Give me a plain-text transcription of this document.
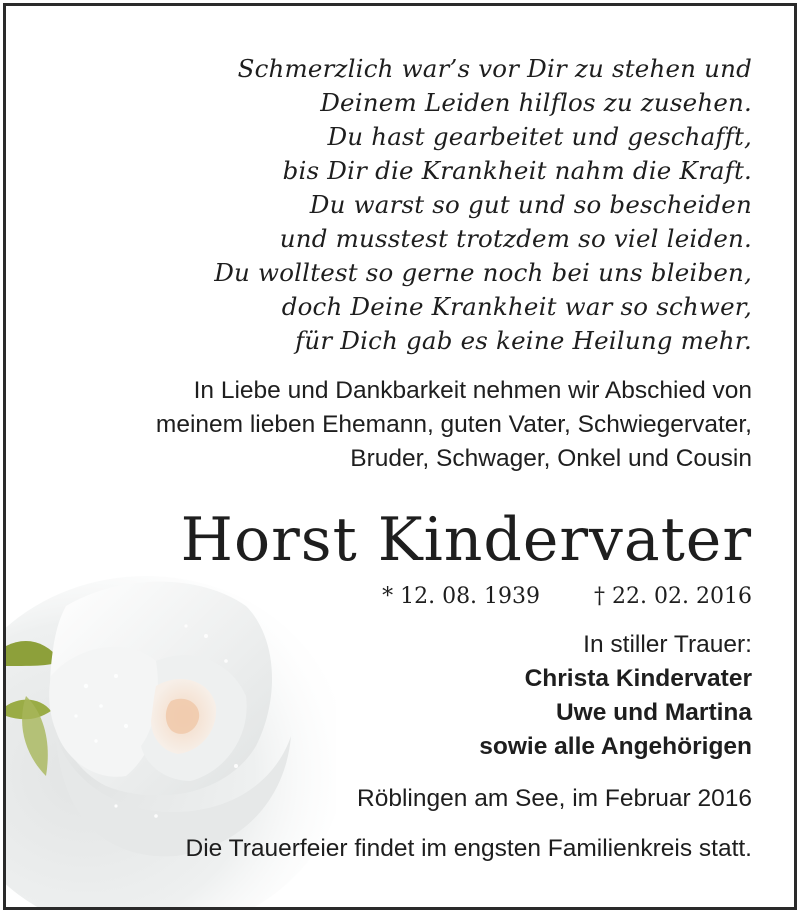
Schmerzlich war’s vor Dir zu stehen und
Deinem Leiden hilflos zu zusehen.
Du hast gearbeitet und geschafft,
bis Dir die Krankheit nahm die Kraft.
Du warst so gut und so bescheiden
und musstest trotzdem so viel leiden.
Du wolltest so gerne noch bei uns bleiben,
doch Deine Krankheit war so schwer,
für Dich gab es keine Heilung mehr.
In Liebe und Dankbarkeit nehmen wir Abschied von
meinem lieben Ehemann, guten Vater, Schwiegervater,
Bruder, Schwager, Onkel und Cousin
Horst Kindervater
* 12. 08. 1939 † 22. 02. 2016
In stiller Trauer:
Christa Kindervater
Uwe und Martina
sowie alle Angehörigen
Röblingen am See, im Februar 2016
Die Trauerfeier findet im engsten Familienkreis statt.
